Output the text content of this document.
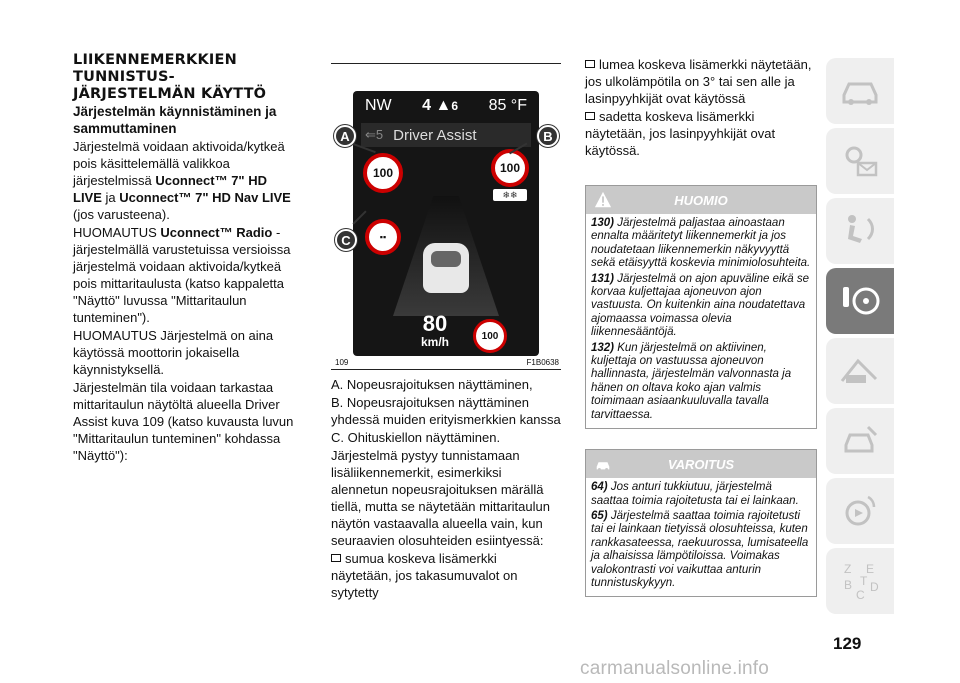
LIIKENNEMERKKIEN
TUNNISTUS-
JÄRJESTELMÄN KÄYTTÖ
Järjestelmän käynnistäminen ja sammuttaminen
Järjestelmä voidaan aktivoida/kytkeä pois käsittelemällä valikkoa järjestelmissä Uconnect™ 7" HD LIVE ja Uconnect™ 7" HD Nav LIVE (jos varusteena).
HUOMAUTUS Uconnect™ Radio -järjestelmällä varustetuissa versioissa järjestelmä voidaan aktivoida/kytkeä pois mittaritaulusta (katso kappaletta "Näyttö" luvussa "Mittaritaulun tunteminen").
HUOMAUTUS Järjestelmä on aina käytössä moottorin jokaisella käynnistyksellä.
Järjestelmän tila voidaan tarkastaa mittaritaulun näytöltä alueella Driver Assist kuva 109 (katso kuvausta luvun "Mittaritaulun tunteminen" kohdassa "Näyttö"):
NW 4 ▲6 85 °F
⇐5 Driver Assist
100	100
❄❄
▪▪
80
km/h	100
A	B
C
109	F1B0638
A. Nopeusrajoituksen näyttäminen,
B. Nopeusrajoituksen näyttäminen yhdessä muiden erityismerkkien kanssa
C. Ohituskiellon näyttäminen.
Järjestelmä pystyy tunnistamaan lisäliikennemerkit, esimerkiksi alennetun nopeusrajoituksen märällä tiellä, mutta se näytetään mittaritaulun näytön vastaavalla alueella vain, kun seuraavien olosuhteiden esiintyessä:
sumua koskeva lisämerkki näytetään, jos takasumuvalot on sytytetty
lumea koskeva lisämerkki näytetään, jos ulkolämpötila on 3° tai sen alle ja lasinpyyhkijät ovat käytössä
sadetta koskeva lisämerkki näytetään, jos lasinpyyhkijät ovat käytössä.
HUOMIO
130) Järjestelmä paljastaa ainoastaan ennalta määritetyt liikennemerkit ja jos noudatetaan liikennemerkin näkyvyyttä sekä etäisyyttä koskevia minimiolosuhteita.
131) Järjestelmä on ajon apuväline eikä se korvaa kuljettajaa ajoneuvon ajon vastuusta. On kuitenkin aina noudatettava ajomaassa voimassa olevia liikennesääntöjä.
132) Kun järjestelmä on aktiivinen, kuljettaja on vastuussa ajoneuvon hallinnasta, järjestelmän valvonnasta ja hänen on oltava koko ajan valmis toimimaan asiaankuuluvalla tavalla tarvittaessa.
VAROITUS
64) Jos anturi tukkiutuu, järjestelmä saattaa toimia rajoitetusta tai ei lainkaan.
65) Järjestelmä saattaa toimia rajoitetusti tai ei lainkaan tietyissä olosuhteissa, kuten rankkasateessa, raekuurossa, lumisateella ja alhaisissa lämpötiloissa. Voimakas valokontrasti voi vaikuttaa anturin tunnistuskykyyn.
Z E
B
C
D
T
129
carmanualsonline.info
